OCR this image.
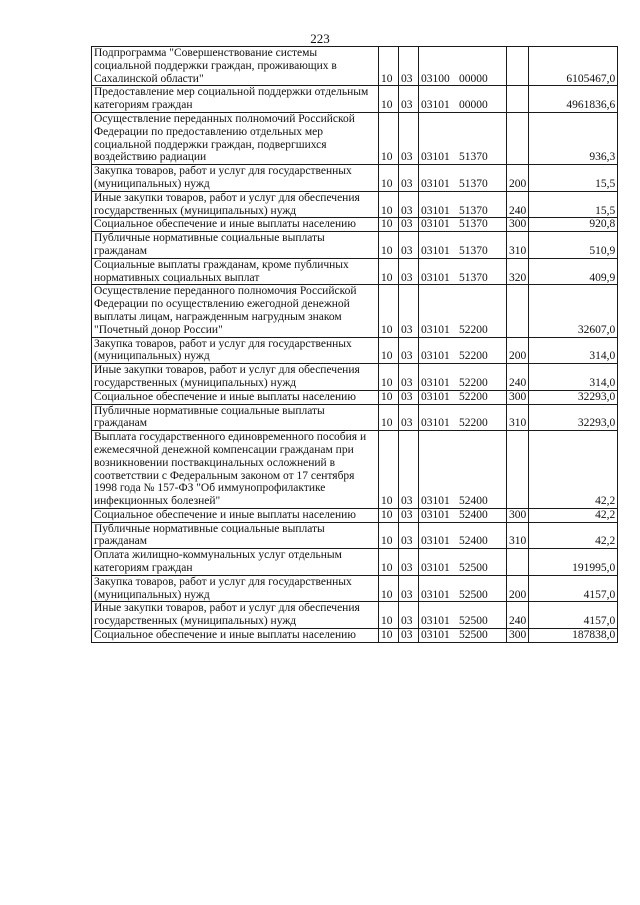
223
Подпрограмма "Совершенствование системы социальной поддержки граждан, проживающих в Сахалинской области"	10	03	03100 00000		6105467,0
Предоставление мер социальной поддержки отдельным категориям граждан	10	03	03101 00000		4961836,6
Осуществление переданных полномочий Российской Федерации по предоставлению отдельных мер социальной поддержки граждан, подвергшихся воздействию радиации	10	03	03101 51370		936,3
Закупка товаров, работ и услуг для государственных (муниципальных) нужд	10	03	03101 51370	200	15,5
Иные закупки товаров, работ и услуг для обеспечения государственных (муниципальных) нужд	10	03	03101 51370	240	15,5
Социальное обеспечение и иные выплаты населению	10	03	03101 51370	300	920,8
Публичные нормативные социальные выплаты гражданам	10	03	03101 51370	310	510,9
Социальные выплаты гражданам, кроме публичных нормативных социальных выплат	10	03	03101 51370	320	409,9
Осуществление переданного полномочия Российской Федерации по осуществлению ежегодной денежной выплаты лицам, награжденным нагрудным знаком "Почетный донор России"	10	03	03101 52200		32607,0
Закупка товаров, работ и услуг для государственных (муниципальных) нужд	10	03	03101 52200	200	314,0
Иные закупки товаров, работ и услуг для обеспечения государственных (муниципальных) нужд	10	03	03101 52200	240	314,0
Социальное обеспечение и иные выплаты населению	10	03	03101 52200	300	32293,0
Публичные нормативные социальные выплаты гражданам	10	03	03101 52200	310	32293,0
Выплата государственного единовременного пособия и ежемесячной денежной компенсации гражданам при возникновении поствакцинальных осложнений в соответствии с Федеральным законом от 17 сентября 1998 года № 157-ФЗ "Об иммунопрофилактике инфекционных болезней"	10	03	03101 52400		42,2
Социальное обеспечение и иные выплаты населению	10	03	03101 52400	300	42,2
Публичные нормативные социальные выплаты гражданам	10	03	03101 52400	310	42,2
Оплата жилищно-коммунальных услуг отдельным категориям граждан	10	03	03101 52500		191995,0
Закупка товаров, работ и услуг для государственных (муниципальных) нужд	10	03	03101 52500	200	4157,0
Иные закупки товаров, работ и услуг для обеспечения государственных (муниципальных) нужд	10	03	03101 52500	240	4157,0
Социальное обеспечение и иные выплаты населению	10	03	03101 52500	300	187838,0
